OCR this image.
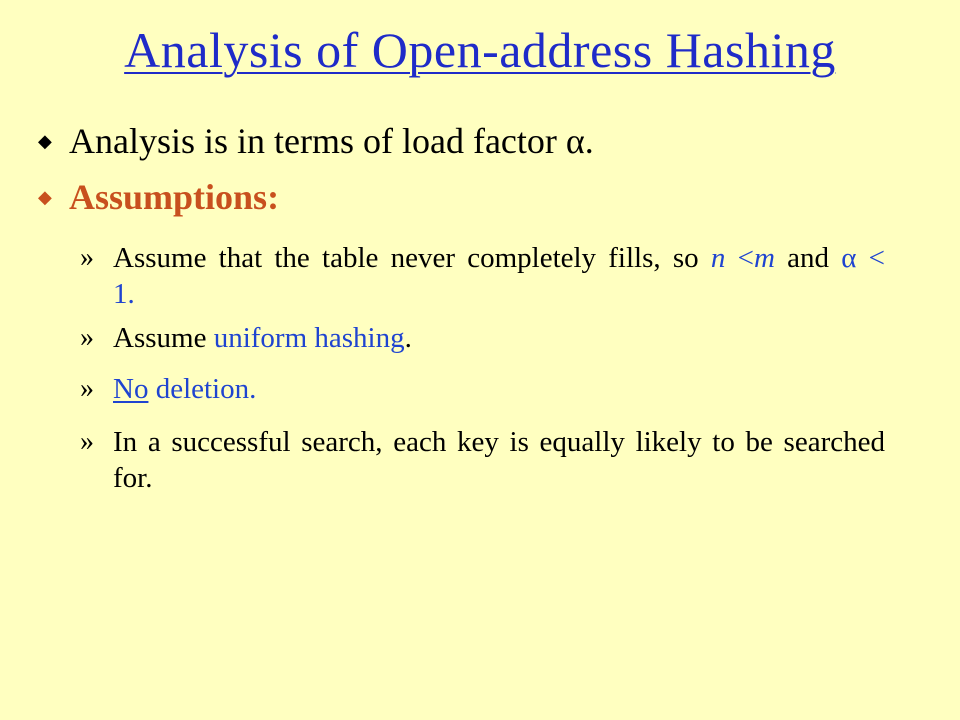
Analysis of Open-address Hashing
◆ Analysis is in terms of load factor α.
◆ Assumptions:
» Assume that the table never completely fills, so n <m and α < 1.
» Assume uniform hashing.
» No deletion.
» In a successful search, each key is equally likely to be searched for.
